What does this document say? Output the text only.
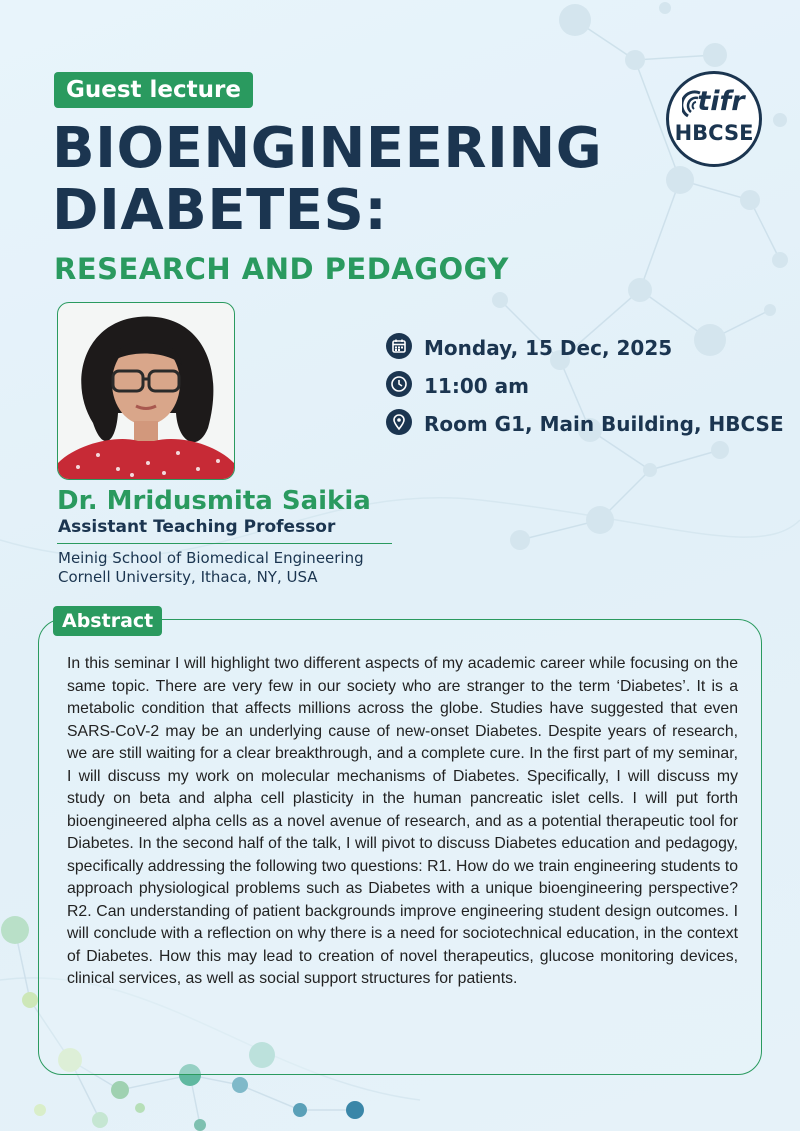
Guest lecture
BIOENGINEERING
DIABETES:
RESEARCH AND PEDAGOGY
tifr
HBCSE
Monday, 15 Dec, 2025
11:00 am
Room G1, Main Building, HBCSE
Dr. Mridusmita Saikia
Assistant Teaching Professor
Meinig School of Biomedical Engineering
Cornell University, Ithaca, NY, USA
Abstract

In this seminar I will highlight two different aspects of my academic career while focusing on the same topic. There are very few in our society who are stranger to the term ‘Diabetes’. It is a metabolic condition that affects millions across the globe. Studies have suggested that even SARS-CoV-2 may be an underlying cause of new-onset Diabetes. Despite years of research, we are still waiting for a clear breakthrough, and a complete cure. In the first part of my seminar, I will discuss my work on molecular mechanisms of Diabetes. Specifically, I will discuss my study on beta and alpha cell plasticity in the human pancreatic islet cells. I will put forth bioengineered alpha cells as a novel avenue of research, and as a potential therapeutic tool for Diabetes. In the second half of the talk, I will pivot to discuss Diabetes education and pedagogy, specifically addressing the following two questions: R1. How do we train engineering students to approach physiological problems such as Diabetes with a unique bioengineering perspective? R2. Can understanding of patient backgrounds improve engineering student design outcomes. I will conclude with a reflection on why there is a need for sociotechnical education, in the context of Diabetes. How this may lead to creation of novel therapeutics, glucose monitoring devices, clinical services, as well as social support structures for patients.
